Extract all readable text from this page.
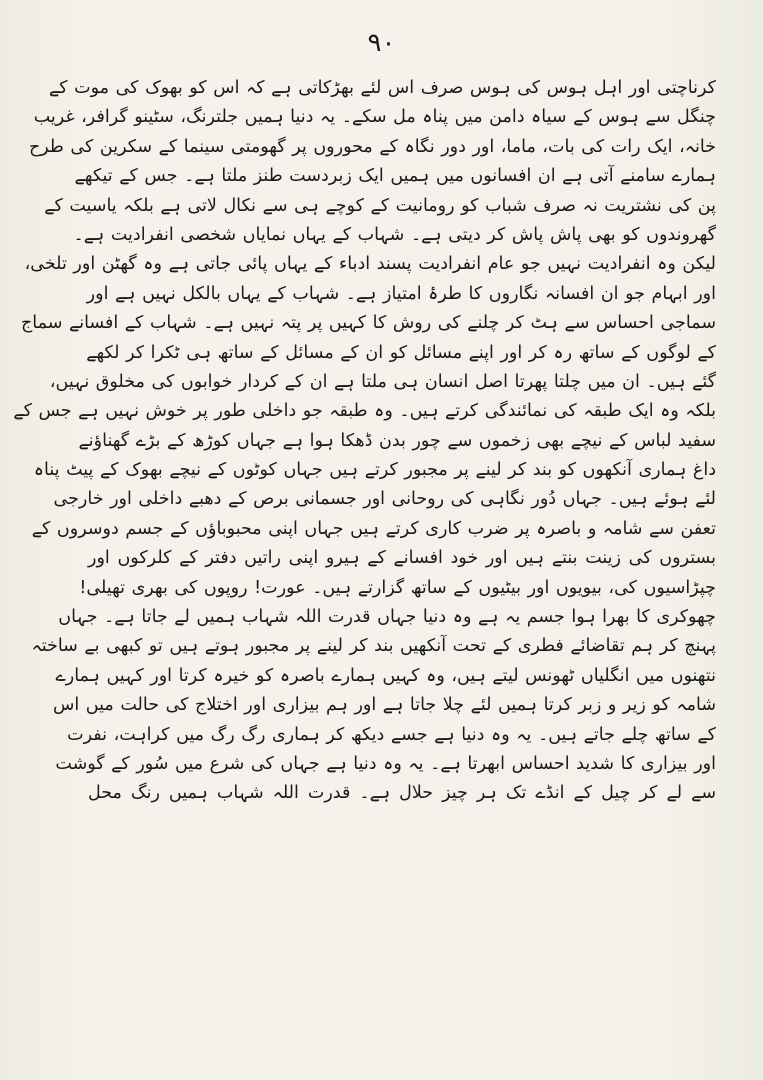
۹۰
کرناچتی اور اہل ہوس کی ہوس صرف اس لئے بھڑکاتی ہے کہ اس کو بھوک کی موت کے
چنگل سے ہوس کے سیاہ دامن میں پناہ مل سکے۔ یہ دنیا ہمیں جلترنگ، سٹینو گرافر، غریب
خانہ، ایک رات کی بات، ماما، اور دور نگاہ کے محوروں پر گھومتی سینما کے سکرین کی طرح
ہمارے سامنے آتی ہے ان افسانوں میں ہمیں ایک زبردست طنز ملتا ہے۔ جس کے تیکھے
پن کی نشتریت نہ صرف شباب کو رومانیت کے کوچے ہی سے نکال لاتی ہے بلکہ یاسیت کے
گھروندوں کو بھی پاش پاش کر دیتی ہے۔ شہاب کے یہاں نمایاں شخصی انفرادیت ہے۔
لیکن وہ انفرادیت نہیں جو عام انفرادیت پسند ادباء کے یہاں پائی جاتی ہے وہ گھٹن اور تلخی،
اور ابہام جو ان افسانہ نگاروں کا طرۂ امتیاز ہے۔ شہاب کے یہاں بالکل نہیں ہے اور
سماجی احساس سے ہٹ کر چلنے کی روش کا کہیں پر پتہ نہیں ہے۔ شہاب کے افسانے سماج
کے لوگوں کے ساتھ رہ کر اور اپنے مسائل کو ان کے مسائل کے ساتھ ہی ٹکرا کر لکھے
گئے ہیں۔ ان میں چلتا پھرتا اصل انسان ہی ملتا ہے ان کے کردار خوابوں کی مخلوق نہیں،
بلکہ وہ ایک طبقہ کی نمائندگی کرتے ہیں۔ وہ طبقہ جو داخلی طور پر خوش نہیں ہے جس کے
سفید لباس کے نیچے بھی زخموں سے چور بدن ڈھکا ہوا ہے جہاں کوڑھ کے بڑے گھناؤنے
داغ ہماری آنکھوں کو بند کر لینے پر مجبور کرتے ہیں جہاں کوٹوں کے نیچے بھوک کے پیٹ پناہ
لئے ہوئے ہیں۔ جہاں دُور نگاہی کی روحانی اور جسمانی برص کے دھبے داخلی اور خارجی
تعفن سے شامہ و باصرہ پر ضرب کاری کرتے ہیں جہاں اپنی محبوباؤں کے جسم دوسروں کے
بستروں کی زینت بنتے ہیں اور خود افسانے کے ہیرو اپنی راتیں دفتر کے کلرکوں اور
چپڑاسیوں کی، بیویوں اور بیٹیوں کے ساتھ گزارتے ہیں۔ عورت! روپوں کی بھری تھیلی!
چھوکری کا بھرا ہوا جسم یہ ہے وہ دنیا جہاں قدرت اللہ شہاب ہمیں لے جاتا ہے۔ جہاں
پہنچ کر ہم تقاضائے فطری کے تحت آنکھیں بند کر لینے پر مجبور ہوتے ہیں تو کبھی بے ساختہ
نتھنوں میں انگلیاں ٹھونس لیتے ہیں، وہ کہیں ہمارے باصرہ کو خیرہ کرتا اور کہیں ہمارے
شامہ کو زیر و زبر کرتا ہمیں لئے چلا جاتا ہے اور ہم بیزاری اور اختلاج کی حالت میں اس
کے ساتھ چلے جاتے ہیں۔ یہ وہ دنیا ہے جسے دیکھ کر ہماری رگ رگ میں کراہت، نفرت
اور بیزاری کا شدید احساس ابھرتا ہے۔ یہ وہ دنیا ہے جہاں کی شرع میں سُور کے گوشت
سے لے کر چیل کے انڈے تک ہر چیز حلال ہے۔ قدرت اللہ شہاب ہمیں رنگ محل
